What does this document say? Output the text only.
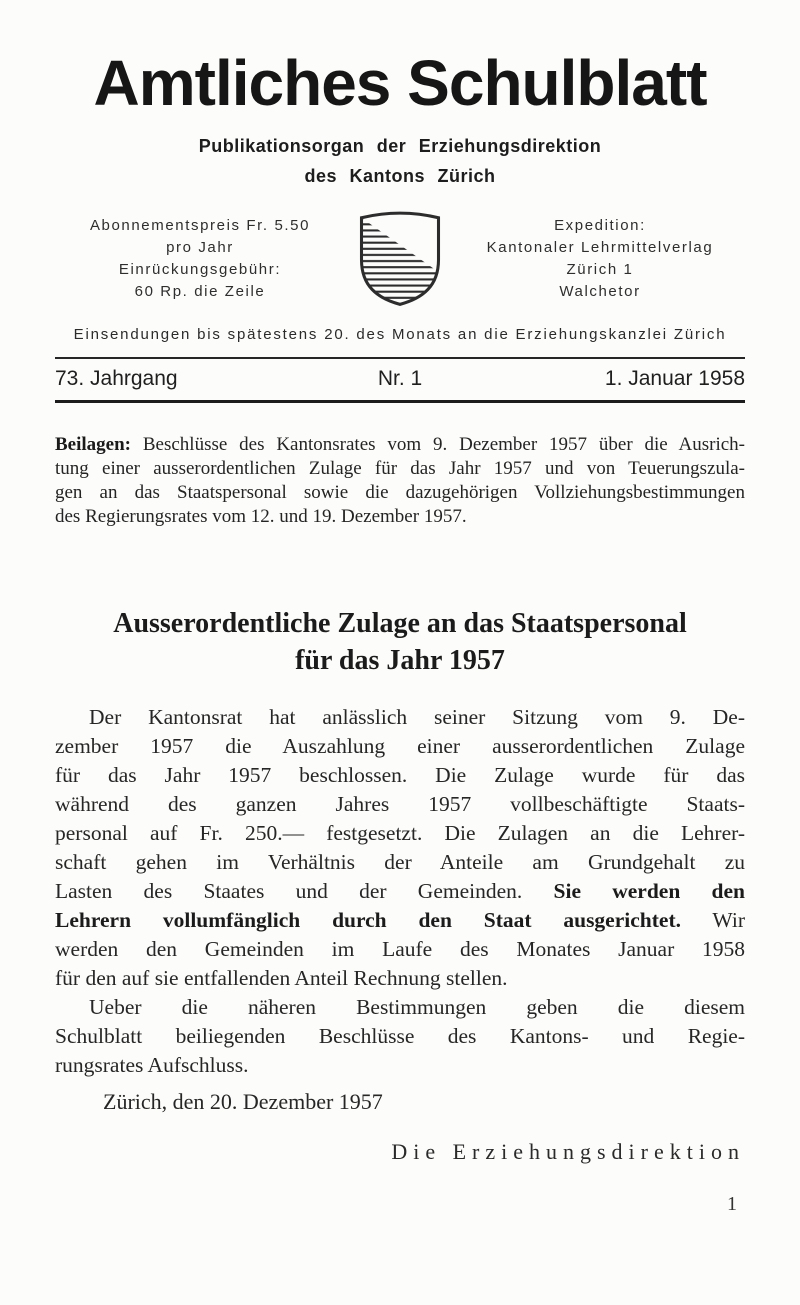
Amtliches Schulblatt
Publikationsorgan der Erziehungsdirektion
des Kantons Zürich
Abonnementspreis Fr. 5.50
pro Jahr
Einrückungsgebühr:
60 Rp. die Zeile
Expedition:
Kantonaler Lehrmittelverlag
Zürich 1
Walchetor
Einsendungen bis spätestens 20. des Monats an die Erziehungskanzlei Zürich
73. Jahrgang	Nr. 1	1. Januar 1958
Beilagen: Beschlüsse des Kantonsrates vom 9. Dezember 1957 über die Ausrich-
tung einer ausserordentlichen Zulage für das Jahr 1957 und von Teuerungszula-
gen an das Staatspersonal sowie die dazugehörigen Vollziehungsbestimmungen
des Regierungsrates vom 12. und 19. Dezember 1957.
Ausserordentliche Zulage an das Staatspersonal
für das Jahr 1957
Der Kantonsrat hat anlässlich seiner Sitzung vom 9. De-
zember 1957 die Auszahlung einer ausserordentlichen Zulage
für das Jahr 1957 beschlossen. Die Zulage wurde für das
während des ganzen Jahres 1957 vollbeschäftigte Staats-
personal auf Fr. 250.— festgesetzt. Die Zulagen an die Lehrer-
schaft gehen im Verhältnis der Anteile am Grundgehalt zu
Lasten des Staates und der Gemeinden. Sie werden den
Lehrern vollumfänglich durch den Staat ausgerichtet. Wir
werden den Gemeinden im Laufe des Monates Januar 1958
für den auf sie entfallenden Anteil Rechnung stellen.
Ueber die näheren Bestimmungen geben die diesem
Schulblatt beiliegenden Beschlüsse des Kantons- und Regie-
rungsrates Aufschluss.
Zürich, den 20. Dezember 1957
Die Erziehungsdirektion
1
